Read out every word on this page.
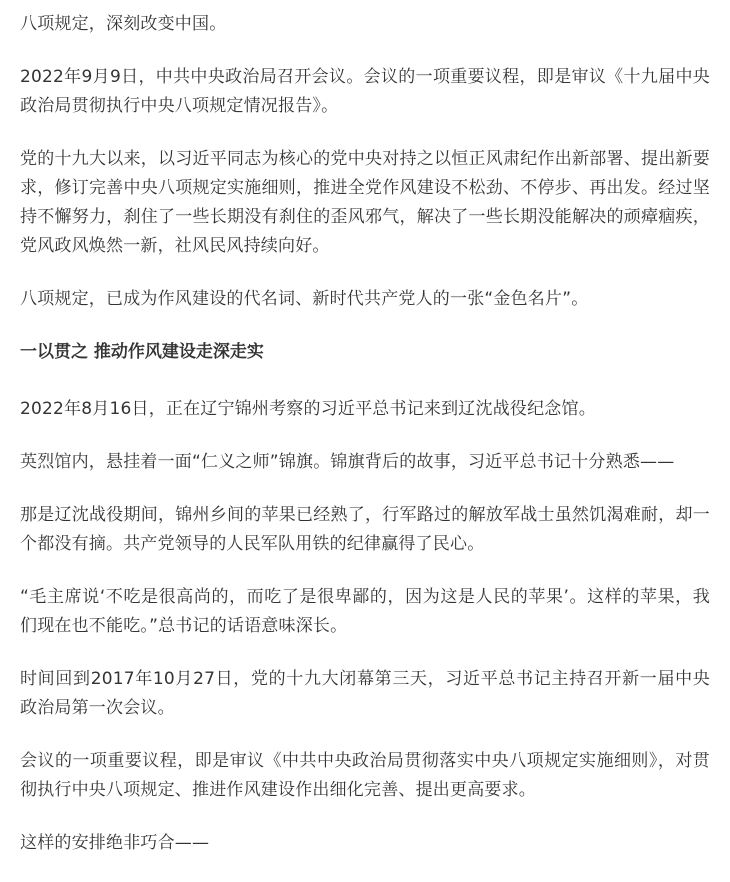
八项规定，深刻改变中国。

2022年9月9日，中共中央政治局召开会议。会议的一项重要议程，即是审议《十九届中央政治局贯彻执行中央八项规定情况报告》。

党的十九大以来，以习近平同志为核心的党中央对持之以恒正风肃纪作出新部署、提出新要求，修订完善中央八项规定实施细则，推进全党作风建设不松劲、不停步、再出发。经过坚持不懈努力，刹住了一些长期没有刹住的歪风邪气，解决了一些长期没能解决的顽瘴痼疾，党风政风焕然一新，社风民风持续向好。

八项规定，已成为作风建设的代名词、新时代共产党人的一张“金色名片”。

一以贯之 推动作风建设走深走实

2022年8月16日，正在辽宁锦州考察的习近平总书记来到辽沈战役纪念馆。

英烈馆内，悬挂着一面“仁义之师”锦旗。锦旗背后的故事，习近平总书记十分熟悉——

那是辽沈战役期间，锦州乡间的苹果已经熟了，行军路过的解放军战士虽然饥渴难耐，却一个都没有摘。共产党领导的人民军队用铁的纪律赢得了民心。

“毛主席说‘不吃是很高尚的，而吃了是很卑鄙的，因为这是人民的苹果’。这样的苹果，我们现在也不能吃。”总书记的话语意味深长。

时间回到2017年10月27日，党的十九大闭幕第三天，习近平总书记主持召开新一届中央政治局第一次会议。

会议的一项重要议程，即是审议《中共中央政治局贯彻落实中央八项规定实施细则》，对贯彻执行中央八项规定、推进作风建设作出细化完善、提出更高要求。

这样的安排绝非巧合——
